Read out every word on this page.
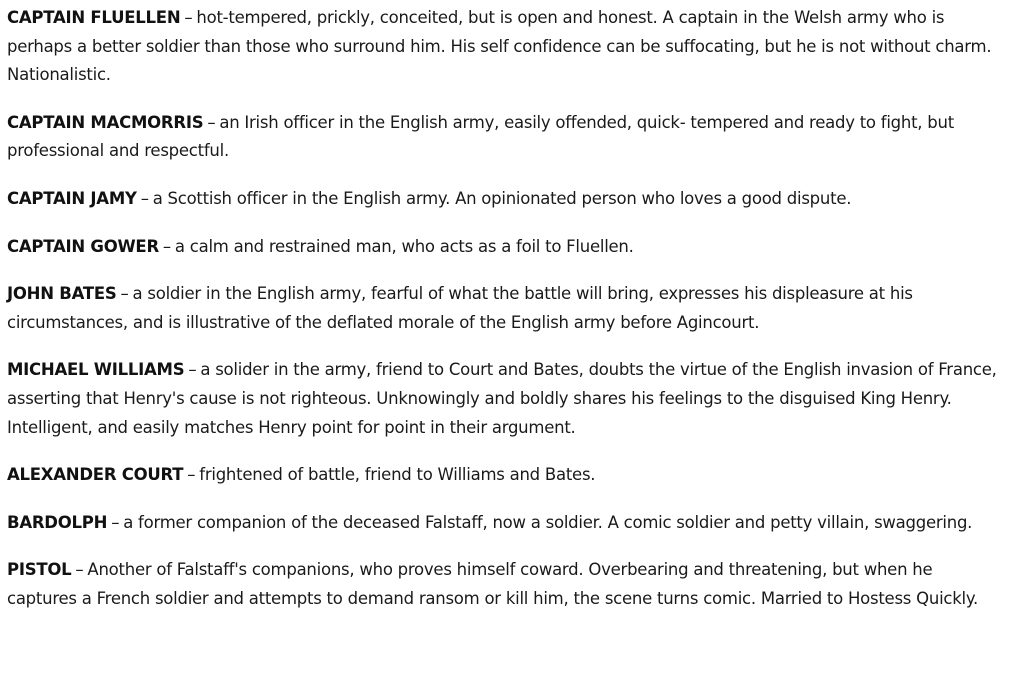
CAPTAIN FLUELLEN – hot-tempered, prickly, conceited, but is open and honest. A captain in the Welsh army who is perhaps a better soldier than those who surround him. His self confidence can be suffocating, but he is not without charm. Nationalistic.

CAPTAIN MACMORRIS – an Irish officer in the English army, easily offended, quick- tempered and ready to fight, but professional and respectful.

CAPTAIN JAMY – a Scottish officer in the English army. An opinionated person who loves a good dispute.

CAPTAIN GOWER – a calm and restrained man, who acts as a foil to Fluellen.

JOHN BATES – a soldier in the English army, fearful of what the battle will bring, expresses his displeasure at his circumstances, and is illustrative of the deflated morale of the English army before Agincourt.

MICHAEL WILLIAMS – a solider in the army, friend to Court and Bates, doubts the virtue of the English invasion of France, asserting that Henry's cause is not righteous. Unknowingly and boldly shares his feelings to the disguised King Henry. Intelligent, and easily matches Henry point for point in their argument.

ALEXANDER COURT – frightened of battle, friend to Williams and Bates.

BARDOLPH – a former companion of the deceased Falstaff, now a soldier. A comic soldier and petty villain, swaggering.

PISTOL – Another of Falstaff's companions, who proves himself coward. Overbearing and threatening, but when he captures a French soldier and attempts to demand ransom or kill him, the scene turns comic. Married to Hostess Quickly.
